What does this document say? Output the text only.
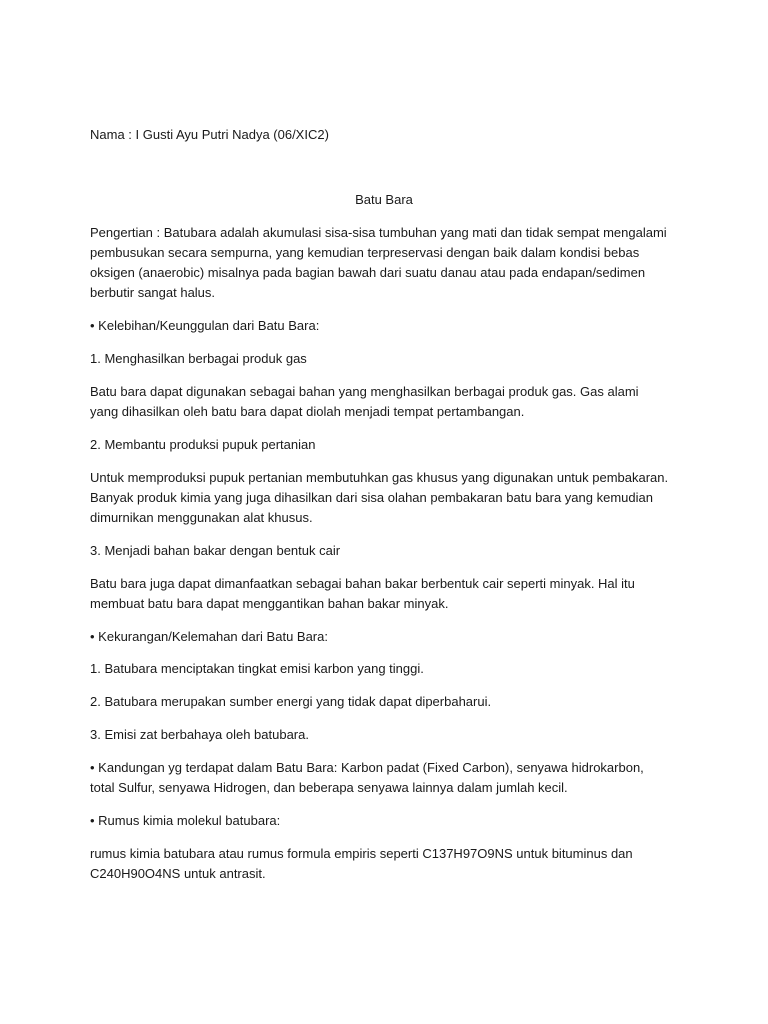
Nama : I Gusti Ayu Putri Nadya (06/XIC2)

Batu Bara

Pengertian : Batubara adalah akumulasi sisa-sisa tumbuhan yang mati dan tidak sempat mengalami pembusukan secara sempurna, yang kemudian terpreservasi dengan baik dalam kondisi bebas oksigen (anaerobic) misalnya pada bagian bawah dari suatu danau atau pada endapan/sedimen berbutir sangat halus.

• Kelebihan/Keunggulan dari Batu Bara:

1. Menghasilkan berbagai produk gas

Batu bara dapat digunakan sebagai bahan yang menghasilkan berbagai produk gas. Gas alami yang dihasilkan oleh batu bara dapat diolah menjadi tempat pertambangan.

2. Membantu produksi pupuk pertanian

Untuk memproduksi pupuk pertanian membutuhkan gas khusus yang digunakan untuk pembakaran. Banyak produk kimia yang juga dihasilkan dari sisa olahan pembakaran batu bara yang kemudian dimurnikan menggunakan alat khusus.

3. Menjadi bahan bakar dengan bentuk cair

Batu bara juga dapat dimanfaatkan sebagai bahan bakar berbentuk cair seperti minyak. Hal itu membuat batu bara dapat menggantikan bahan bakar minyak.

• Kekurangan/Kelemahan dari Batu Bara:

1. Batubara menciptakan tingkat emisi karbon yang tinggi.

2. Batubara merupakan sumber energi yang tidak dapat diperbaharui.

3. Emisi zat berbahaya oleh batubara.

• Kandungan yg terdapat dalam Batu Bara: Karbon padat (Fixed Carbon), senyawa hidrokarbon, total Sulfur, senyawa Hidrogen, dan beberapa senyawa lainnya dalam jumlah kecil.

• Rumus kimia molekul batubara:

rumus kimia batubara atau rumus formula empiris seperti C137H97O9NS untuk bituminus dan C240H90O4NS untuk antrasit.
